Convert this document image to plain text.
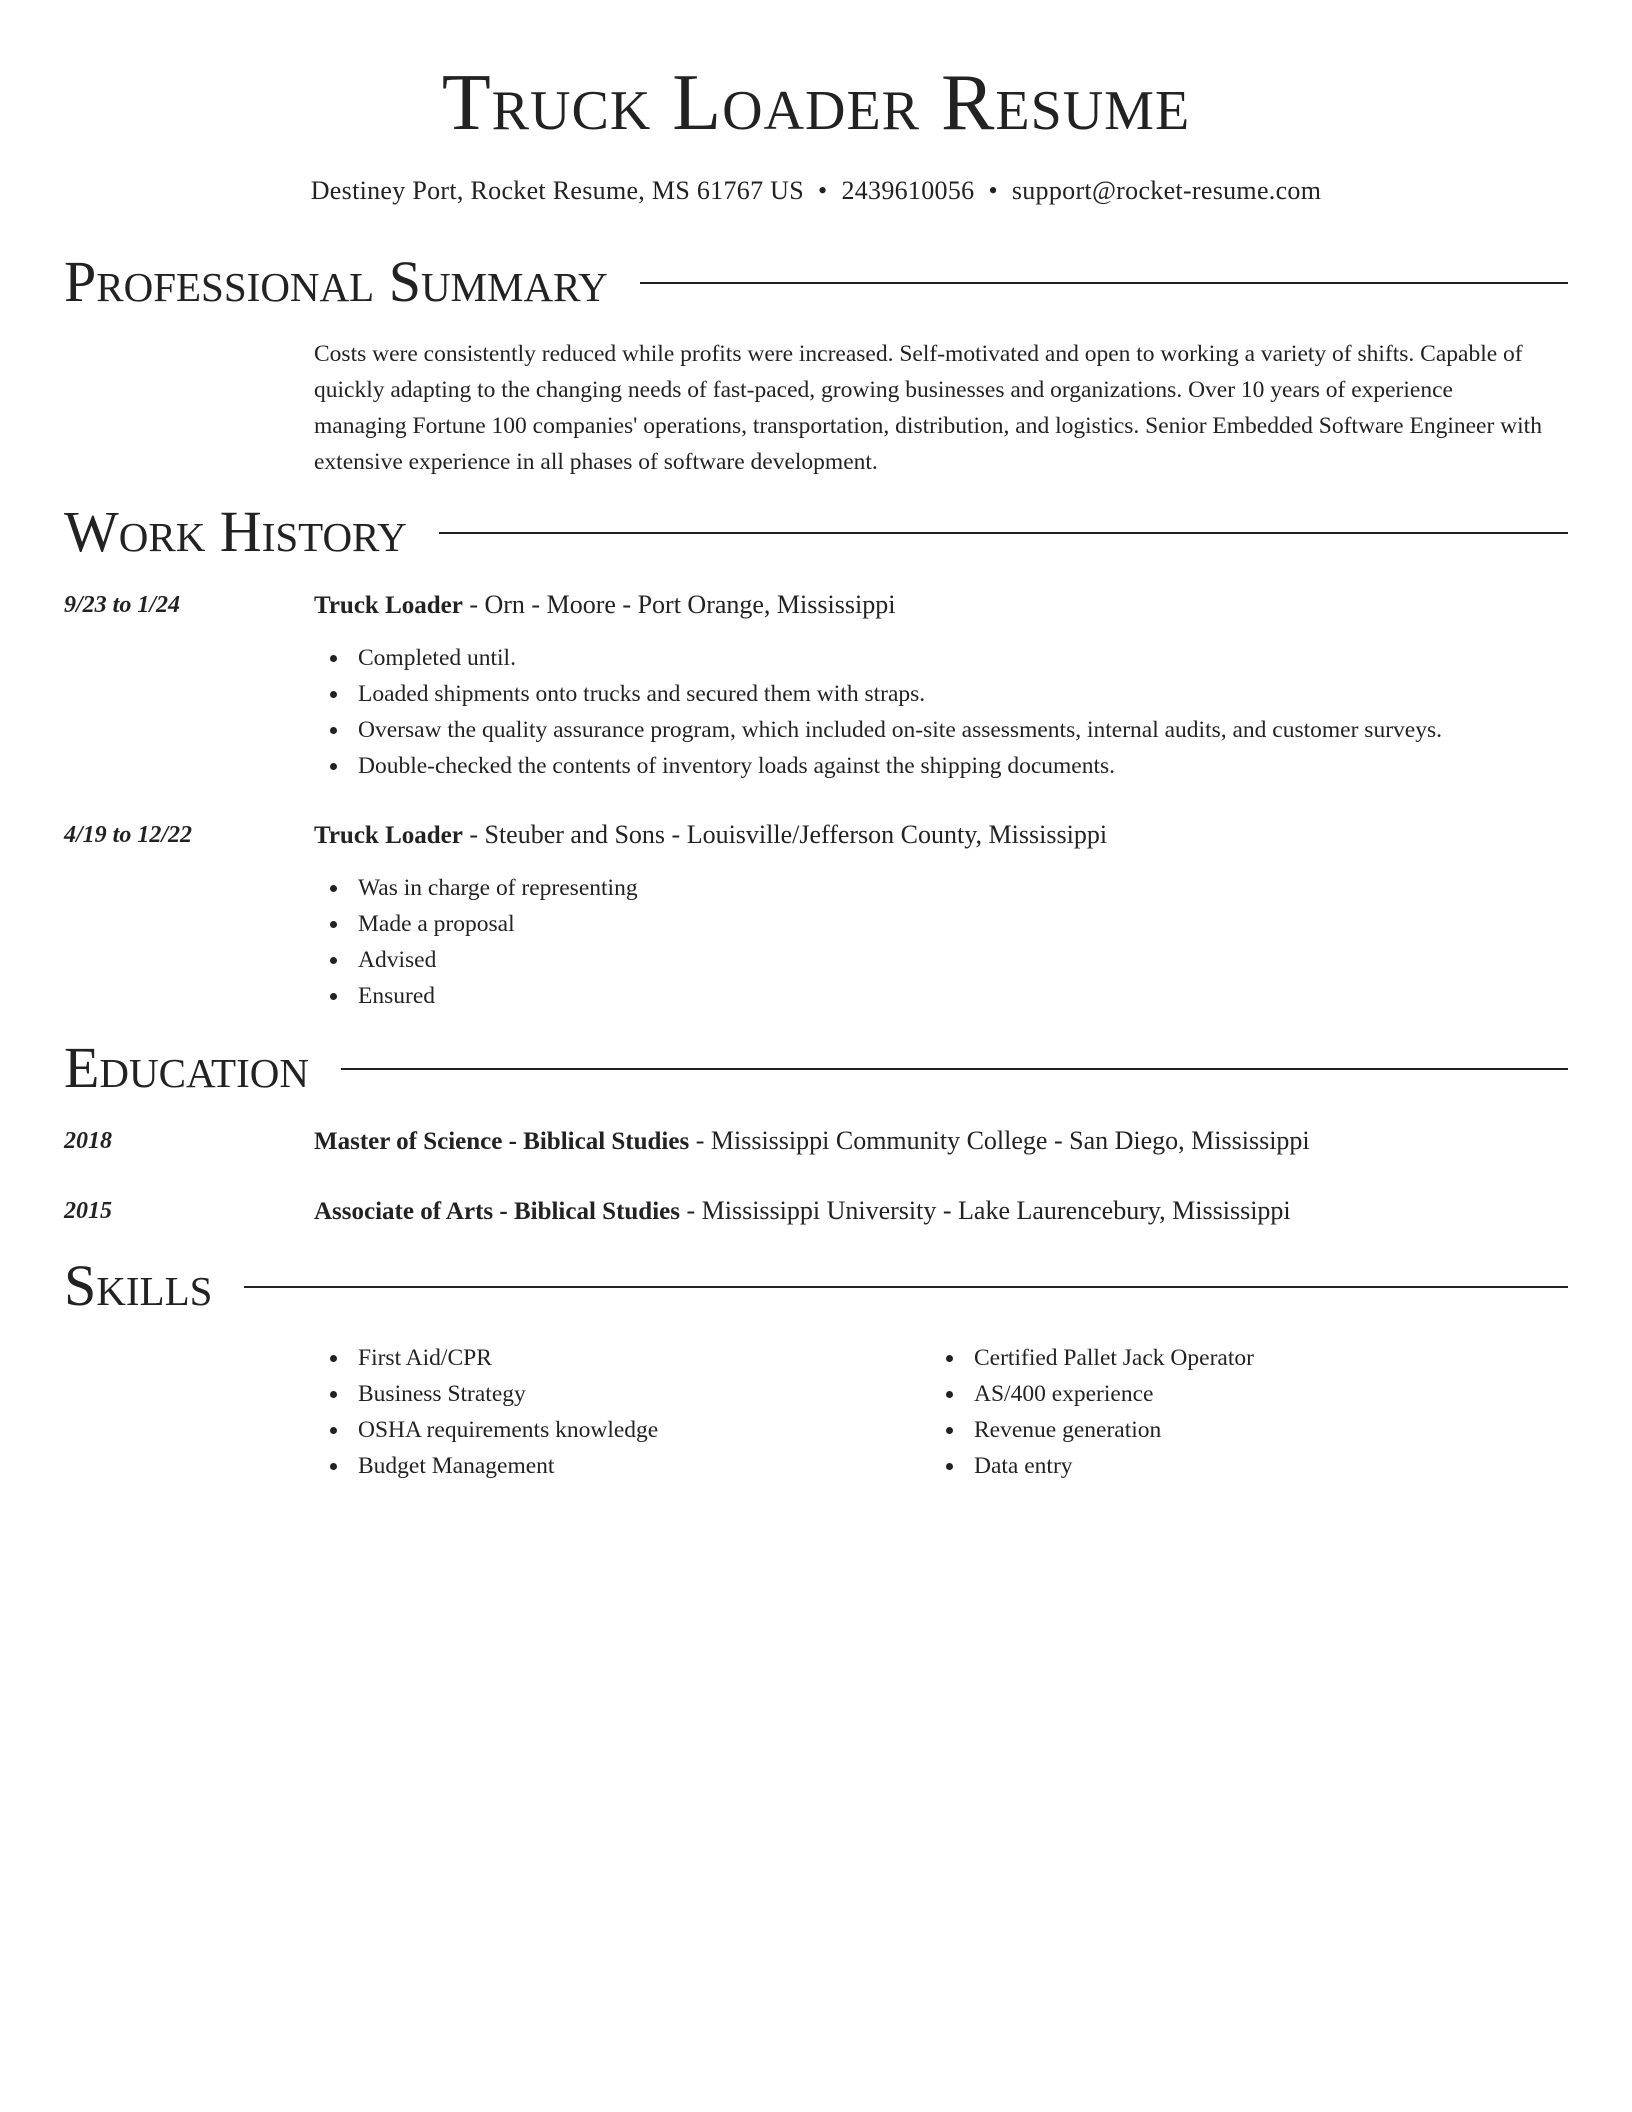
Truck Loader Resume
Destiney Port, Rocket Resume, MS 61767 US • 2439610056 • support@rocket-resume.com
Professional Summary

Costs were consistently reduced while profits were increased. Self-motivated and open to working a variety of shifts. Capable of quickly adapting to the changing needs of fast-paced, growing businesses and organizations. Over 10 years of experience managing Fortune 100 companies' operations, transportation, distribution, and logistics. Senior Embedded Software Engineer with extensive experience in all phases of software development.

Work History
9/23 to 1/24	Truck Loader - Orn - Moore - Port Orange, Mississippi
Completed until.
Loaded shipments onto trucks and secured them with straps.
Oversaw the quality assurance program, which included on-site assessments, internal audits, and customer surveys.
Double-checked the contents of inventory loads against the shipping documents.
4/19 to 12/22	Truck Loader - Steuber and Sons - Louisville/Jefferson County, Mississippi
Was in charge of representing
Made a proposal
Advised
Ensured
Education
2018	Master of Science - Biblical Studies - Mississippi Community College - San Diego, Mississippi
2015	Associate of Arts - Biblical Studies - Mississippi University - Lake Laurencebury, Mississippi
Skills
First Aid/CPR
Business Strategy
OSHA requirements knowledge
Budget Management
Certified Pallet Jack Operator
AS/400 experience
Revenue generation
Data entry
